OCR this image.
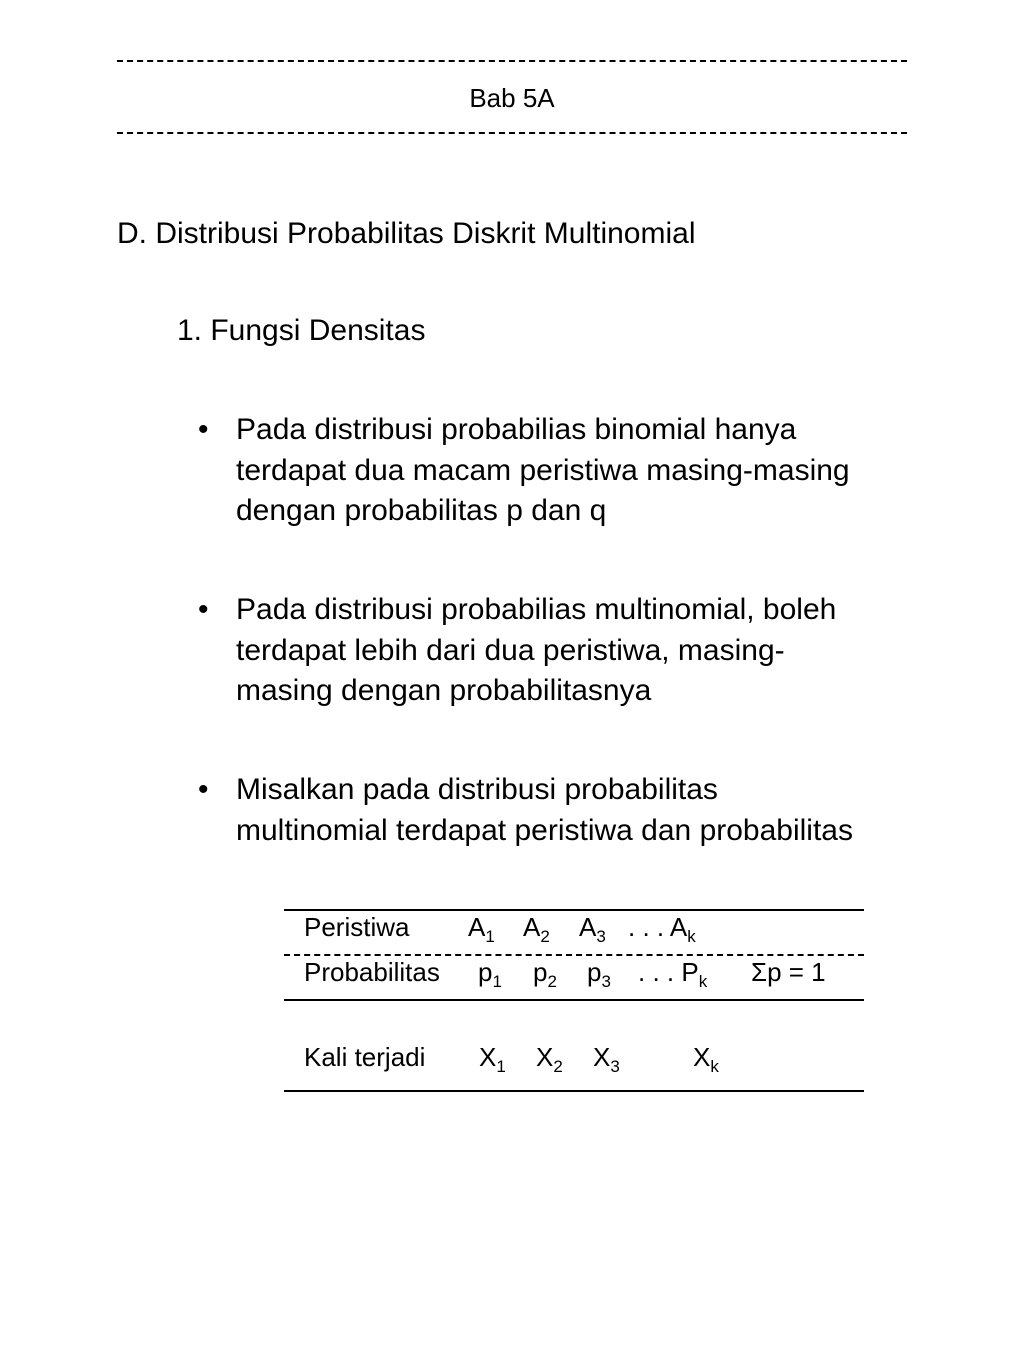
Bab 5A
D. Distribusi Probabilitas Diskrit Multinomial
1. Fungsi Densitas
• Pada distribusi probabilias binomial hanya
terdapat dua macam peristiwa masing-masing
dengan probabilitas p dan q
• Pada distribusi probabilias multinomial, boleh
terdapat lebih dari dua peristiwa, masing-
masing dengan probabilitasnya
• Misalkan pada distribusi probabilitas
multinomial terdapat peristiwa dan probabilitas
Peristiwa $A_1$ $A_2$ $A_3$ . . . $A_k$
Probabilitas $p_1$ $p_2$ $p_3$ . . . $P_k$ Σp = 1
Kali terjadi $X_1$ $X_2$ $X_3$	$X_k$
